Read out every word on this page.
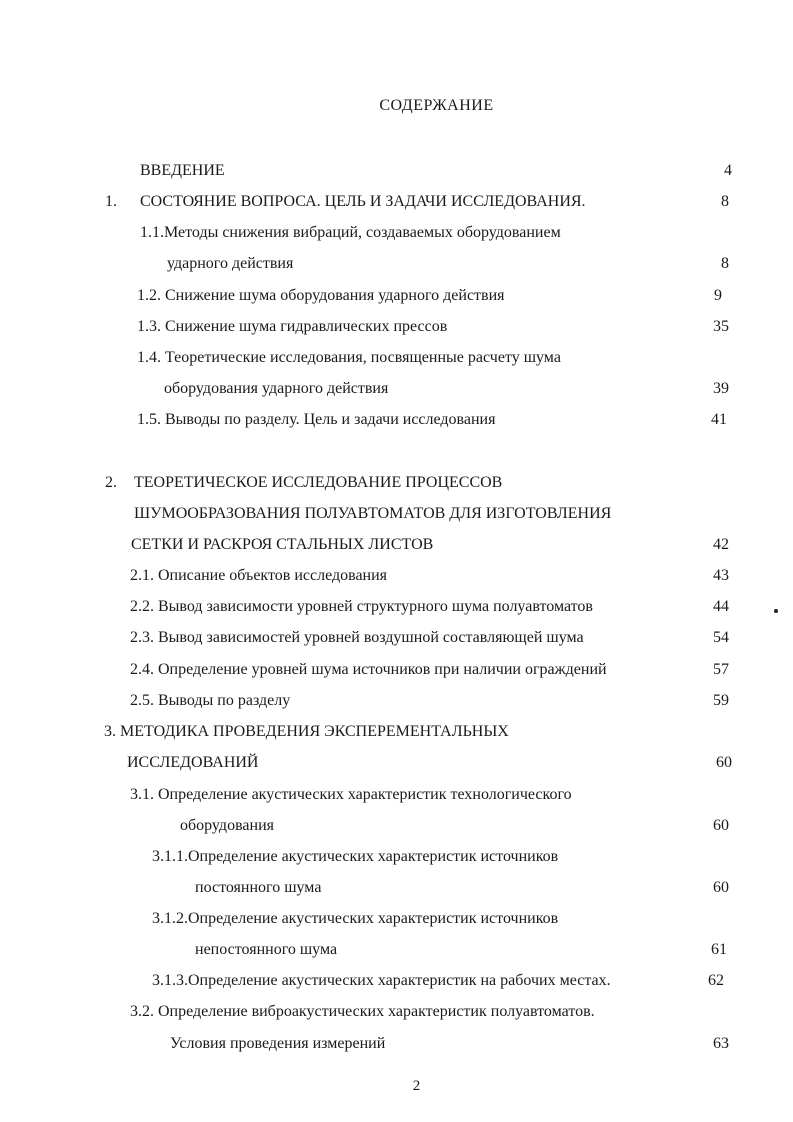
СОДЕРЖАНИЕ
ВВЕДЕНИЕ	4
1. СОСТОЯНИЕ ВОПРОСА. ЦЕЛЬ И ЗАДАЧИ ИССЛЕДОВАНИЯ.	8
1.1.Методы снижения вибраций, создаваемых оборудованием
ударного действия	8
1.2. Снижение шума оборудования ударного действия	9
1.3. Снижение шума гидравлических прессов	35
1.4. Теоретические исследования, посвященные расчету шума
оборудования ударного действия	39
1.5. Выводы по разделу. Цель и задачи исследования	41
2. ТЕОРЕТИЧЕСКОЕ ИССЛЕДОВАНИЕ ПРОЦЕССОВ
ШУМООБРАЗОВАНИЯ ПОЛУАВТОМАТОВ ДЛЯ ИЗГОТОВЛЕНИЯ
СЕТКИ И РАСКРОЯ СТАЛЬНЫХ ЛИСТОВ	42
2.1. Описание объектов исследования	43
2.2. Вывод зависимости уровней структурного шума полуавтоматов	44
2.3. Вывод зависимостей уровней воздушной составляющей шума	54
2.4. Определение уровней шума источников при наличии ограждений	57
2.5. Выводы по разделу	59
3. МЕТОДИКА ПРОВЕДЕНИЯ ЭКСПЕРЕМЕНТАЛЬНЫХ
ИССЛЕДОВАНИЙ	60
3.1. Определение акустических характеристик технологического
оборудования	60
3.1.1.Определение акустических характеристик источников
постоянного шума	60
3.1.2.Определение акустических характеристик источников
непостоянного шума	61
3.1.3.Определение акустических характеристик на рабочих местах.	62
3.2. Определение виброакустических характеристик полуавтоматов.
Условия проведения измерений	63
2
